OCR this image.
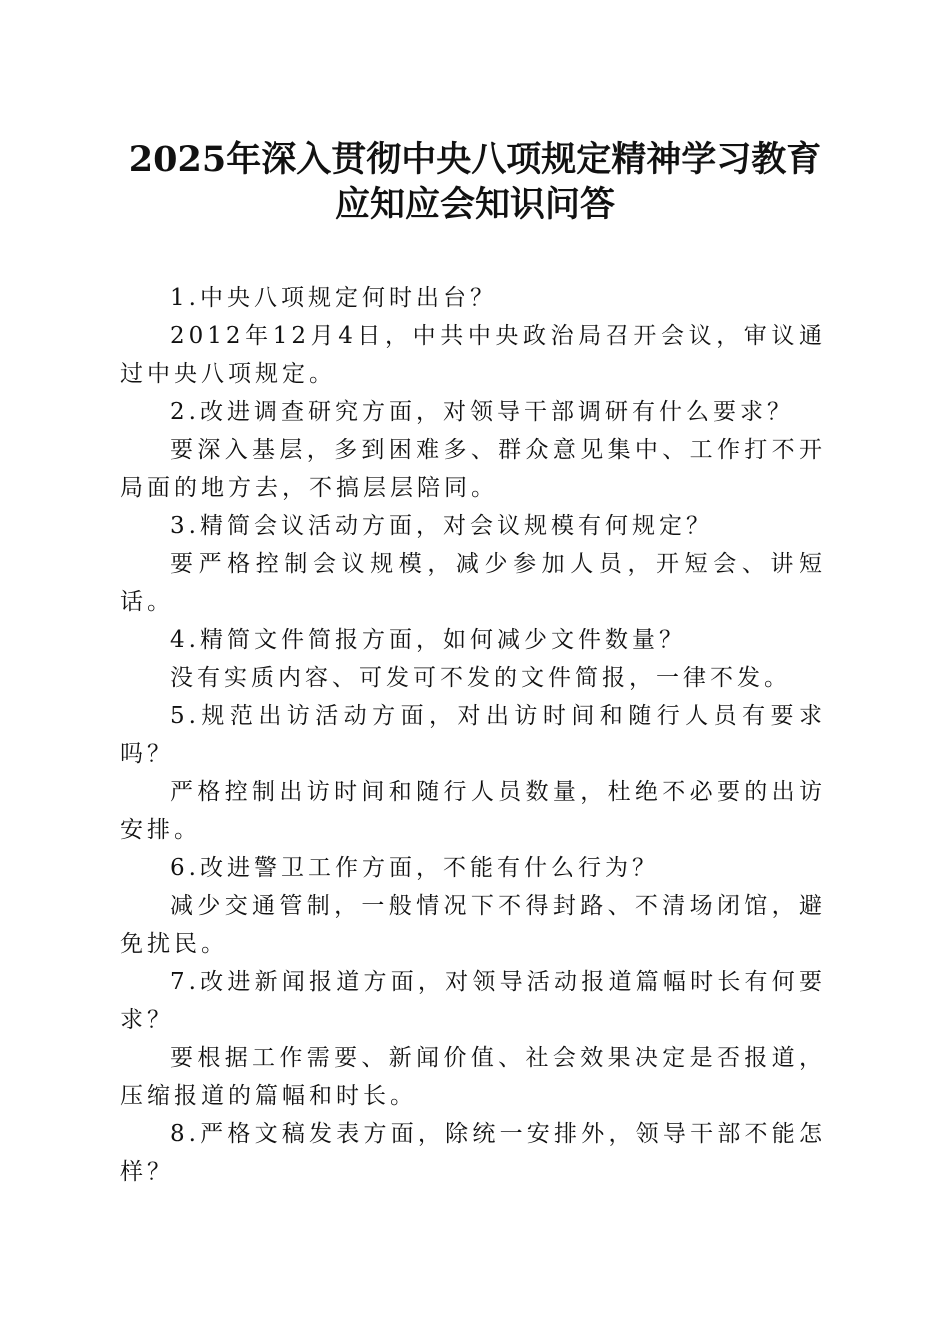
2025年深入贯彻中央八项规定精神学习教育
应知应会知识问答

1.中央八项规定何时出台？

2012年12月4日，中共中央政治局召开会议，审议通过中央八项规定。

2.改进调查研究方面，对领导干部调研有什么要求？

要深入基层，多到困难多、群众意见集中、工作打不开局面的地方去，不搞层层陪同。

3.精简会议活动方面，对会议规模有何规定？

要严格控制会议规模，减少参加人员，开短会、讲短话。

4.精简文件简报方面，如何减少文件数量？

没有实质内容、可发可不发的文件简报，一律不发。

5.规范出访活动方面，对出访时间和随行人员有要求吗？

严格控制出访时间和随行人员数量，杜绝不必要的出访安排。

6.改进警卫工作方面，不能有什么行为？

减少交通管制，一般情况下不得封路、不清场闭馆，避免扰民。

7.改进新闻报道方面，对领导活动报道篇幅时长有何要求？

要根据工作需要、新闻价值、社会效果决定是否报道，压缩报道的篇幅和时长。

8.严格文稿发表方面，除统一安排外，领导干部不能怎样？
